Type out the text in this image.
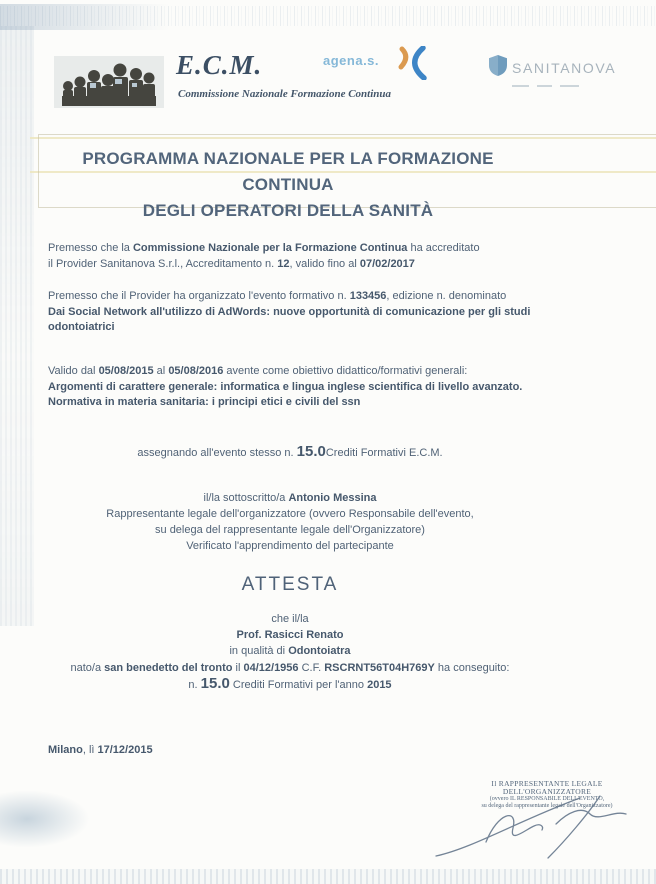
E.C.M.
Commissione Nazionale Formazione Continua
agena.s.	SANITANOVA
PROGRAMMA NAZIONALE PER LA FORMAZIONE CONTINUA
DEGLI OPERATORI DELLA SANITÀ
Premesso che la Commissione Nazionale per la Formazione Continua ha accreditato
il Provider Sanitanova S.r.l., Accreditamento n. 12, valido fino al 07/02/2017
Premesso che il Provider ha organizzato l'evento formativo n. 133456, edizione n. denominato
Dai Social Network all'utilizzo di AdWords: nuove opportunità di comunicazione per gli studi
odontoiatrici
Valido dal 05/08/2015 al 05/08/2016 avente come obiettivo didattico/formativi generali:
Argomenti di carattere generale: informatica e lingua inglese scientifica di livello avanzato.
Normativa in materia sanitaria: i principi etici e civili del ssn
assegnando all'evento stesso n. 15.0Crediti Formativi E.C.M.
il/la sottoscritto/a Antonio Messina
Rappresentante legale dell'organizzatore (ovvero Responsabile dell'evento,
su delega del rappresentante legale dell'Organizzatore)
Verificato l'apprendimento del partecipante
ATTESTA
che il/la
Prof. Rasicci Renato
in qualità di Odontoiatra
nato/a san benedetto del tronto il 04/12/1956 C.F. RSCRNT56T04H769Y ha conseguito:
n. 15.0 Crediti Formativi per l'anno 2015
Milano, lì 17/12/2015
Il RAPPRESENTANTE LEGALE
DELL'ORGANIZZATORE
(ovvero IL RESPONSABILE DELL'EVENTO,
su delega del rappresentante legale dell'Organizzatore)
